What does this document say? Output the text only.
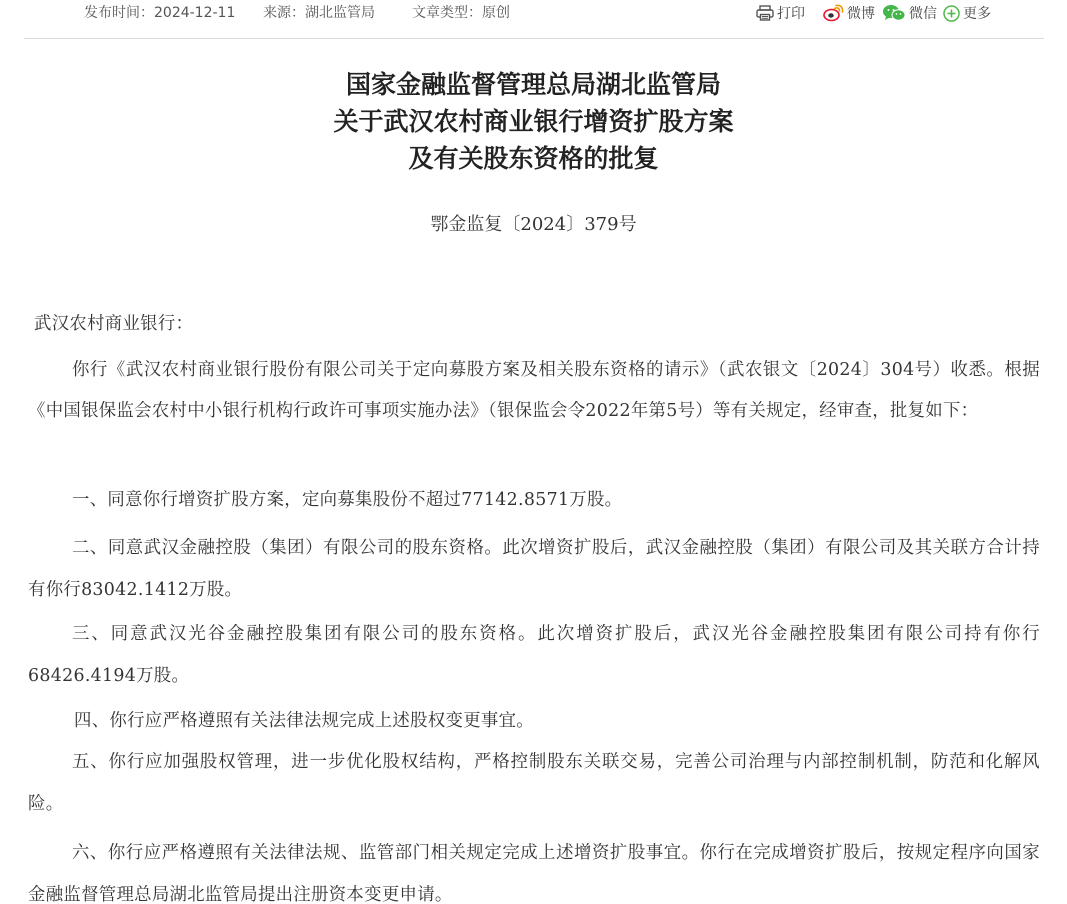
发布时间：2024-12-11 来源：湖北监管局	文章类型：原创	打印	微博 微信 更多
国家金融监督管理总局湖北监管局
关于武汉农村商业银行增资扩股方案
及有关股东资格的批复
鄂金监复〔2024〕379号

武汉农村商业银行：

你行《武汉农村商业银行股份有限公司关于定向募股方案及相关股东资格的请示》（武农银文〔2024〕304号）收悉。根据《中国银保监会农村中小银行机构行政许可事项实施办法》（银保监会令2022年第5号）等有关规定，经审查，批复如下：

一、同意你行增资扩股方案，定向募集股份不超过77142.8571万股。

二、同意武汉金融控股（集团）有限公司的股东资格。此次增资扩股后，武汉金融控股（集团）有限公司及其关联方合计持有你行83042.1412万股。

三、同意武汉光谷金融控股集团有限公司的股东资格。此次增资扩股后，武汉光谷金融控股集团有限公司持有你行68426.4194万股。

四、你行应严格遵照有关法律法规完成上述股权变更事宜。

五、你行应加强股权管理，进一步优化股权结构，严格控制股东关联交易，完善公司治理与内部控制机制，防范和化解风险。

六、你行应严格遵照有关法律法规、监管部门相关规定完成上述增资扩股事宜。你行在完成增资扩股后，按规定程序向国家金融监督管理总局湖北监管局提出注册资本变更申请。
